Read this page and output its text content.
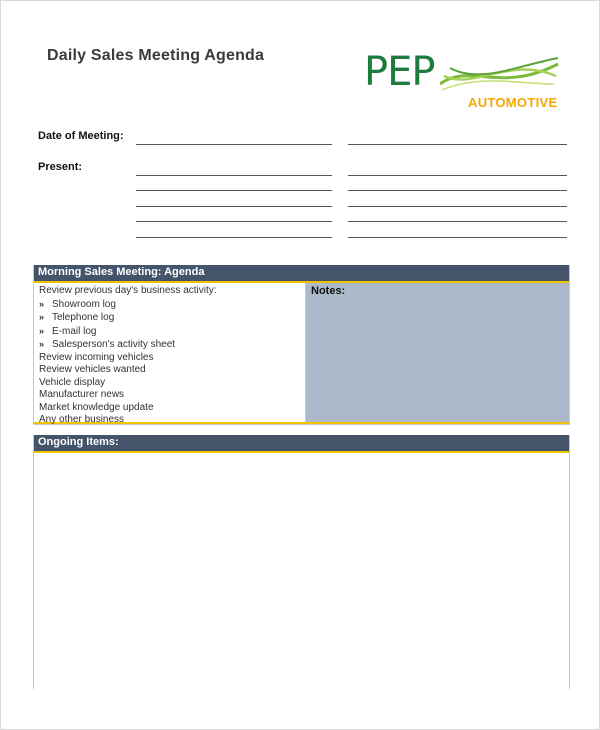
Daily Sales Meeting Agenda PEP
AUTOMOTIVE
Date of Meeting:
Present:
Morning Sales Meeting: Agenda
Review previous day's business activity:
» Showroom log
» Telephone log
» E-mail log
» Salesperson's activity sheet
Review incoming vehicles
Review vehicles wanted
Vehicle display
Manufacturer news
Market knowledge update
Any other business
Notes:
Ongoing Items:
